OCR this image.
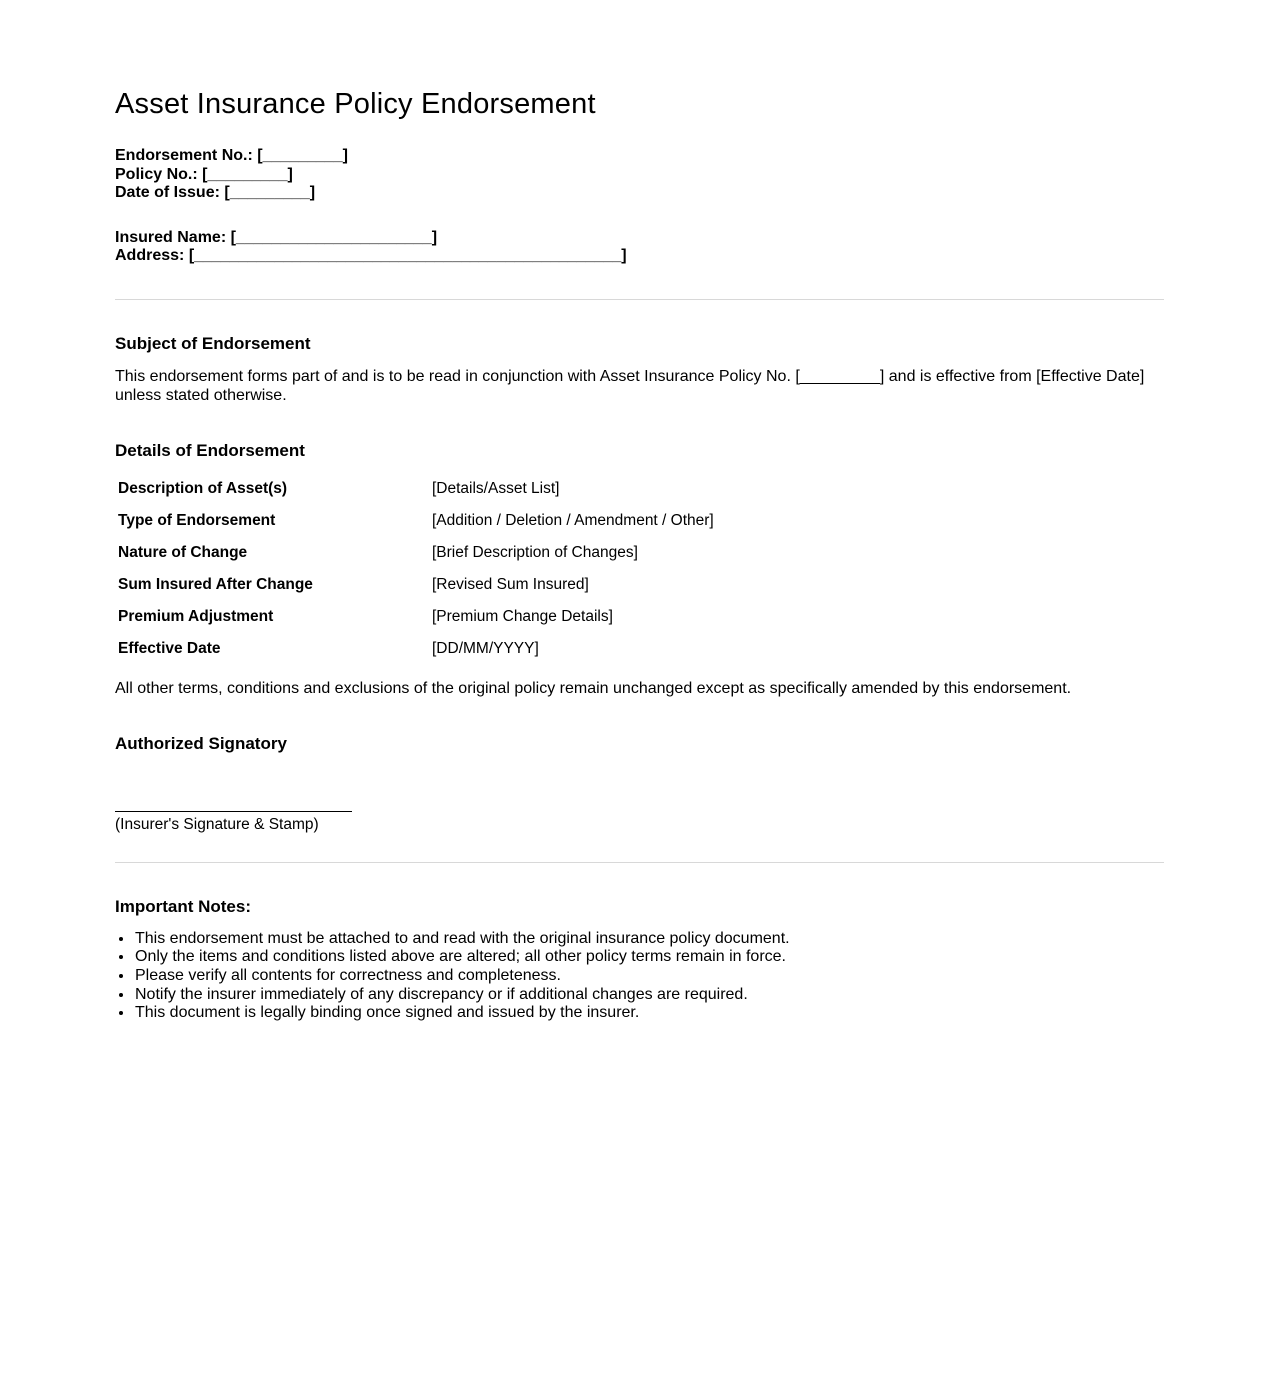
Asset Insurance Policy Endorsement
Endorsement No.: [_________]
Policy No.: [_________]
Date of Issue: [_________]
Insured Name: [______________________]
Address: [________________________________________________]
Subject of Endorsement

This endorsement forms part of and is to be read in conjunction with Asset Insurance Policy No. [_________] and is effective from [Effective Date] unless stated otherwise.

Details of Endorsement
Description of Asset(s)	[Details/Asset List]
Type of Endorsement	[Addition / Deletion / Amendment / Other]
Nature of Change	[Brief Description of Changes]
Sum Insured After Change	[Revised Sum Insured]
Premium Adjustment	[Premium Change Details]
Effective Date	[DD/MM/YYYY]

All other terms, conditions and exclusions of the original policy remain unchanged except as specifically amended by this endorsement.

Authorized Signatory
(Insurer's Signature & Stamp)
Important Notes:
• This endorsement must be attached to and read with the original insurance policy document.
• Only the items and conditions listed above are altered; all other policy terms remain in force.
• Please verify all contents for correctness and completeness.
• Notify the insurer immediately of any discrepancy or if additional changes are required.
• This document is legally binding once signed and issued by the insurer.
